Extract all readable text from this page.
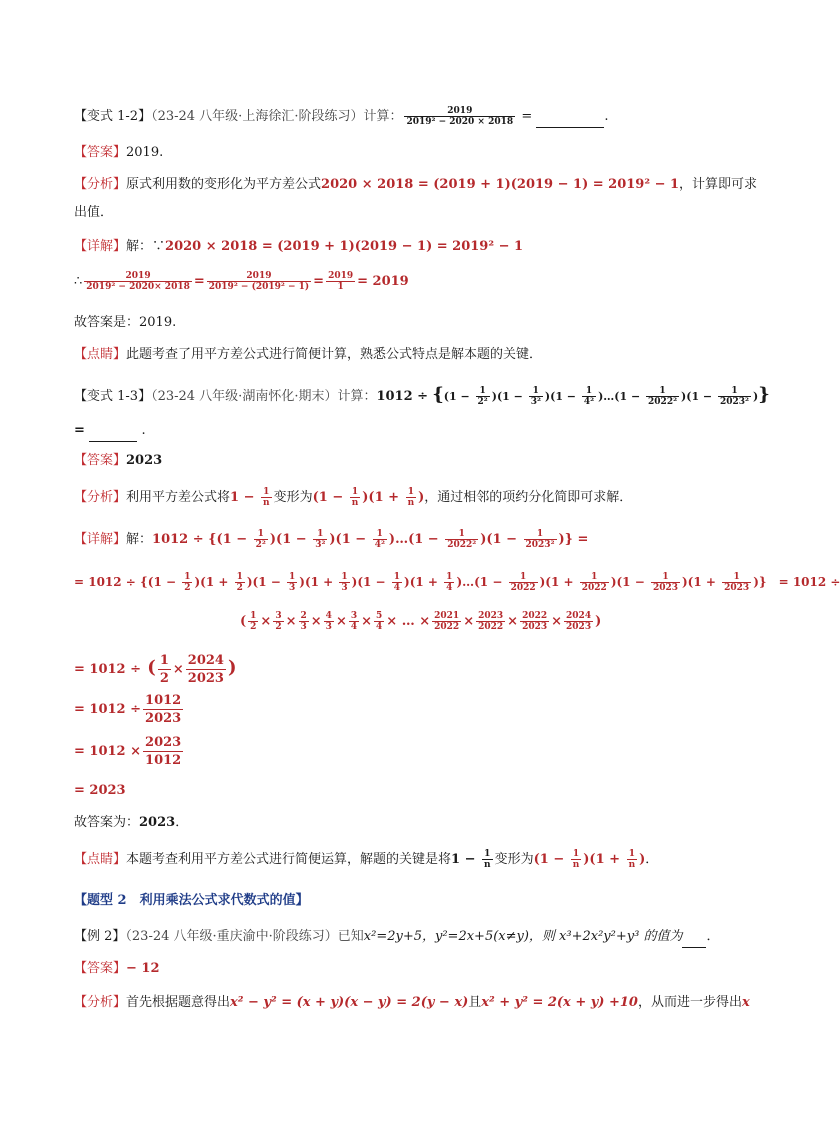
【变式 1-2】（23-24 八年级·上海徐汇·阶段练习）计算： $\frac{2019}{\text{2019² − 2020 × 2018}}$ =	.
【答案】2019.
【分析】原式利用数的变形化为平方差公式2020 × 2018 = (2019 + 1)(2019 − 1) = 2019² − 1，计算即可求
出值．
【详解】解：∵2020 × 2018 = (2019 + 1)(2019 − 1) = 2019² − 1
∴ $\frac{2019}{\text{2019² − 2020× 2018}} = \frac{2019}{\text{2019² − (2019² − 1)}} = \frac{2019}{1} = 2019$
故答案是：2019.
【点睛】此题考查了用平方差公式进行简便计算，熟悉公式特点是解本题的关键．
【变式 1-3】（23-24 八年级·湖南怀化·期末）计算：$1012 \div \{(1 - \frac{1}{\text{2²}} )(1 - \frac{1}{\text{3²}} )(1 - \frac{1}{\text{4²}}$ )…(1 − $\frac{1}{\text{2022²}} )(1 - \frac{1}{\text{2023²}}$ )}
=	.
【答案】2023
【分析】利用平方差公式将$1 - \frac{1}{n}$ 变形为$(1 - \frac{1}{n} )(1 + \frac{1}{n}$ )，通过相邻的项约分化简即可求解．
【详解】解：$1012 \div \{(1 - \frac{1}{\text{2²}} )(1 - \frac{1}{\text{3²}} )(1 - \frac{1}{\text{4²}}$ )…(1 − $\frac{1}{\text{2022²}} )(1 - \frac{1}{\text{2023²}}$ )} =
= $1012 \div \{(1 - \frac{1}{2} )(1 + \frac{1}{2} )(1 - \frac{1}{3} )(1 + \frac{1}{3} )(1 - \frac{1}{4} )(1 + \frac{1}{4}$ )…(1 − $\frac{1}{2022} )(1 + \frac{1}{2022} )(1 - \frac{1}{2023} )(1 + \frac{1}{2023}$ )} = 1012 ÷
( $\frac{1}{2} \times \frac{3}{2} \times \frac{2}{3} \times \frac{4}{3} \times \frac{3}{4} \times \frac{5}{4}$ × … × $\frac{2021}{2022} \times \frac{2023}{2022} \times \frac{2022}{2023} \times \frac{2024}{2023}$ )
= 1012 ÷ ( $\frac{1}{2} \times \frac{2024}{2023}$ )
= $1012 \div \frac{1012}{2023}$
= $1012 \times \frac{2023}{1012}$
= 2023
故答案为：2023．
【点睛】本题考查利用平方差公式进行简便运算，解题的关键是将$1 - \frac{1}{n}$ 变形为$(1 - \frac{1}{n} )(1 + \frac{1}{n}$ )．
【题型 2　利用乘法公式求代数式的值】
【例 2】（23-24 八年级·重庆渝中·阶段练习）已知x²=2y+5，y²=2x+5(x≠y)，则 x³+2x²y²+y³ 的值为 ．
【答案】− 12
【分析】首先根据题意得出x² − y² = (x + y)(x − y) = 2(y − x)且x² + y² = 2(x + y) +10，从而进一步得出x
